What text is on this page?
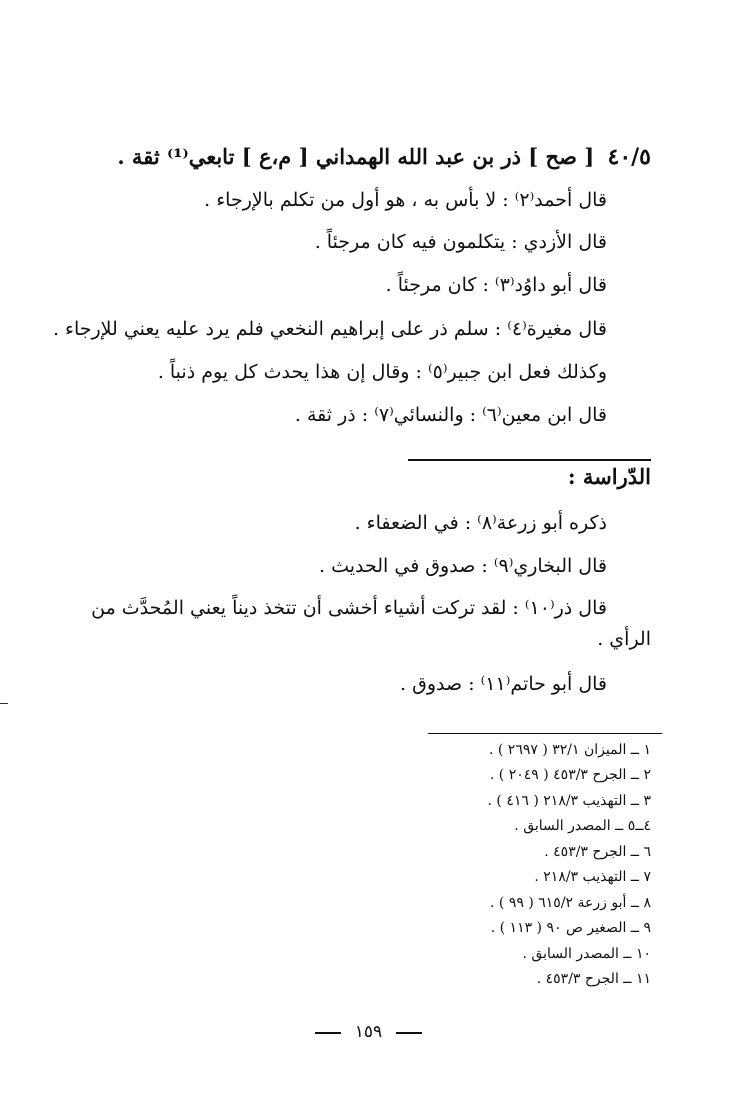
٤٠/٥ [ صح ] ذر بن عبد الله الهمداني [ م،ع ] تابعي⁽¹⁾ ثقة .
قال أحمد⁽٢⁾ : لا بأس به ، هو أول من تكلم بالإرجاء .
قال الأزدي : يتكلمون فيه كان مرجئاً .
قال أبو داوُد⁽٣⁾ : كان مرجئاً .
قال مغيرة⁽٤⁾ : سلم ذر على إبراهيم النخعي فلم يرد عليه يعني للإرجاء .
وكذلك فعل ابن جبير⁽٥⁾ : وقال إن هذا يحدث كل يوم ذنباً .
قال ابن معين⁽٦⁾ : والنسائي⁽٧⁾ : ذر ثقة .
الدّراسة :
ذكره أبو زرعة⁽٨⁾ : في الضعفاء .
قال البخاري⁽٩⁾ : صدوق في الحديث .
قال ذر⁽١٠⁾ : لقد تركت أشياء أخشى أن تتخذ ديناً يعني المُحدَّث من
الرأي .
قال أبو حاتم⁽١١⁾ : صدوق .
١ ــ الميزان ٣٢/١ ( ٢٦٩٧ ) .
٢ ــ الجرح ٤٥٣/٣ ( ٢٠٤٩ ) .
٣ ــ التهذيب ٢١٨/٣ ( ٤١٦ ) .
٤ــ٥ ــ المصدر السابق .
٦ ــ الجرح ٤٥٣/٣ .
٧ ــ التهذيب ٢١٨/٣ .
٨ ــ أبو زرعة ٦١٥/٢ ( ٩٩ ) .
٩ ــ الصغير ص ٩٠ ( ١١٣ ) .
١٠ ــ المصدر السابق .
١١ ــ الجرح ٤٥٣/٣ .
١٥٩
